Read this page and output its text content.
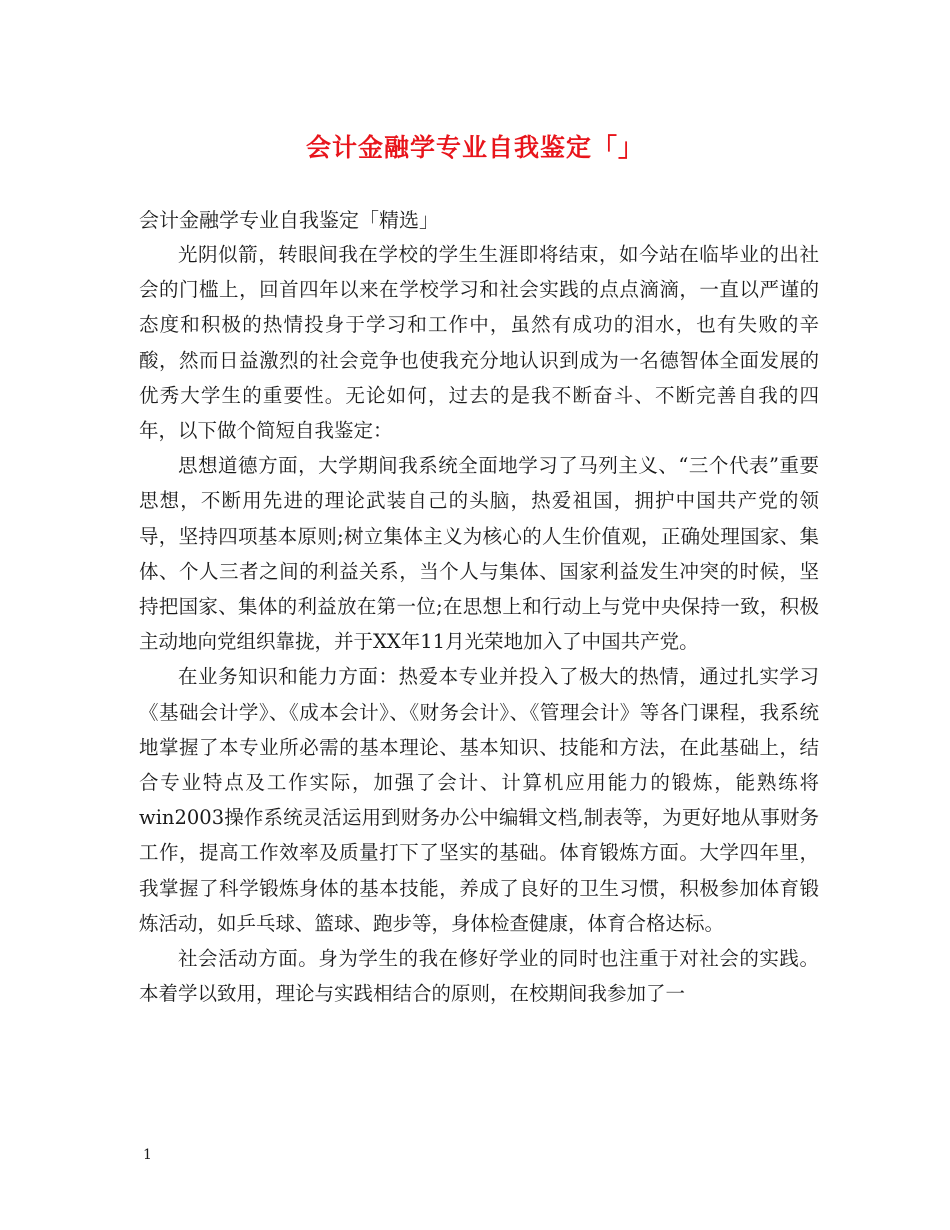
会计金融学专业自我鉴定「」

会计金融学专业自我鉴定「精选」

光阴似箭，转眼间我在学校的学生生涯即将结束，如今站在临毕业的出社会的门槛上，回首四年以来在学校学习和社会实践的点点滴滴，一直以严谨的态度和积极的热情投身于学习和工作中，虽然有成功的泪水，也有失败的辛酸，然而日益激烈的社会竞争也使我充分地认识到成为一名德智体全面发展的优秀大学生的重要性。无论如何，过去的是我不断奋斗、不断完善自我的四年，以下做个简短自我鉴定：

思想道德方面，大学期间我系统全面地学习了马列主义、“三个代表”重要思想，不断用先进的理论武装自己的头脑，热爱祖国，拥护中国共产党的领导，坚持四项基本原则;树立集体主义为核心的人生价值观，正确处理国家、集体、个人三者之间的利益关系，当个人与集体、国家利益发生冲突的时候，坚持把国家、集体的利益放在第一位;在思想上和行动上与党中央保持一致，积极主动地向党组织靠拢，并于XX年11月光荣地加入了中国共产党。

在业务知识和能力方面：热爱本专业并投入了极大的热情，通过扎实学习《基础会计学》、《成本会计》、《财务会计》、《管理会计》等各门课程，我系统地掌握了本专业所必需的基本理论、基本知识、技能和方法，在此基础上，结合专业特点及工作实际，加强了会计、计算机应用能力的锻炼，能熟练将win2003操作系统灵活运用到财务办公中编辑文档,制表等，为更好地从事财务工作，提高工作效率及质量打下了坚实的基础。体育锻炼方面。大学四年里，我掌握了科学锻炼身体的基本技能，养成了良好的卫生习惯，积极参加体育锻炼活动，如乒乓球、篮球、跑步等，身体检查健康，体育合格达标。

社会活动方面。身为学生的我在修好学业的同时也注重于对社会的实践。本着学以致用，理论与实践相结合的原则，在校期间我参加了一

1
